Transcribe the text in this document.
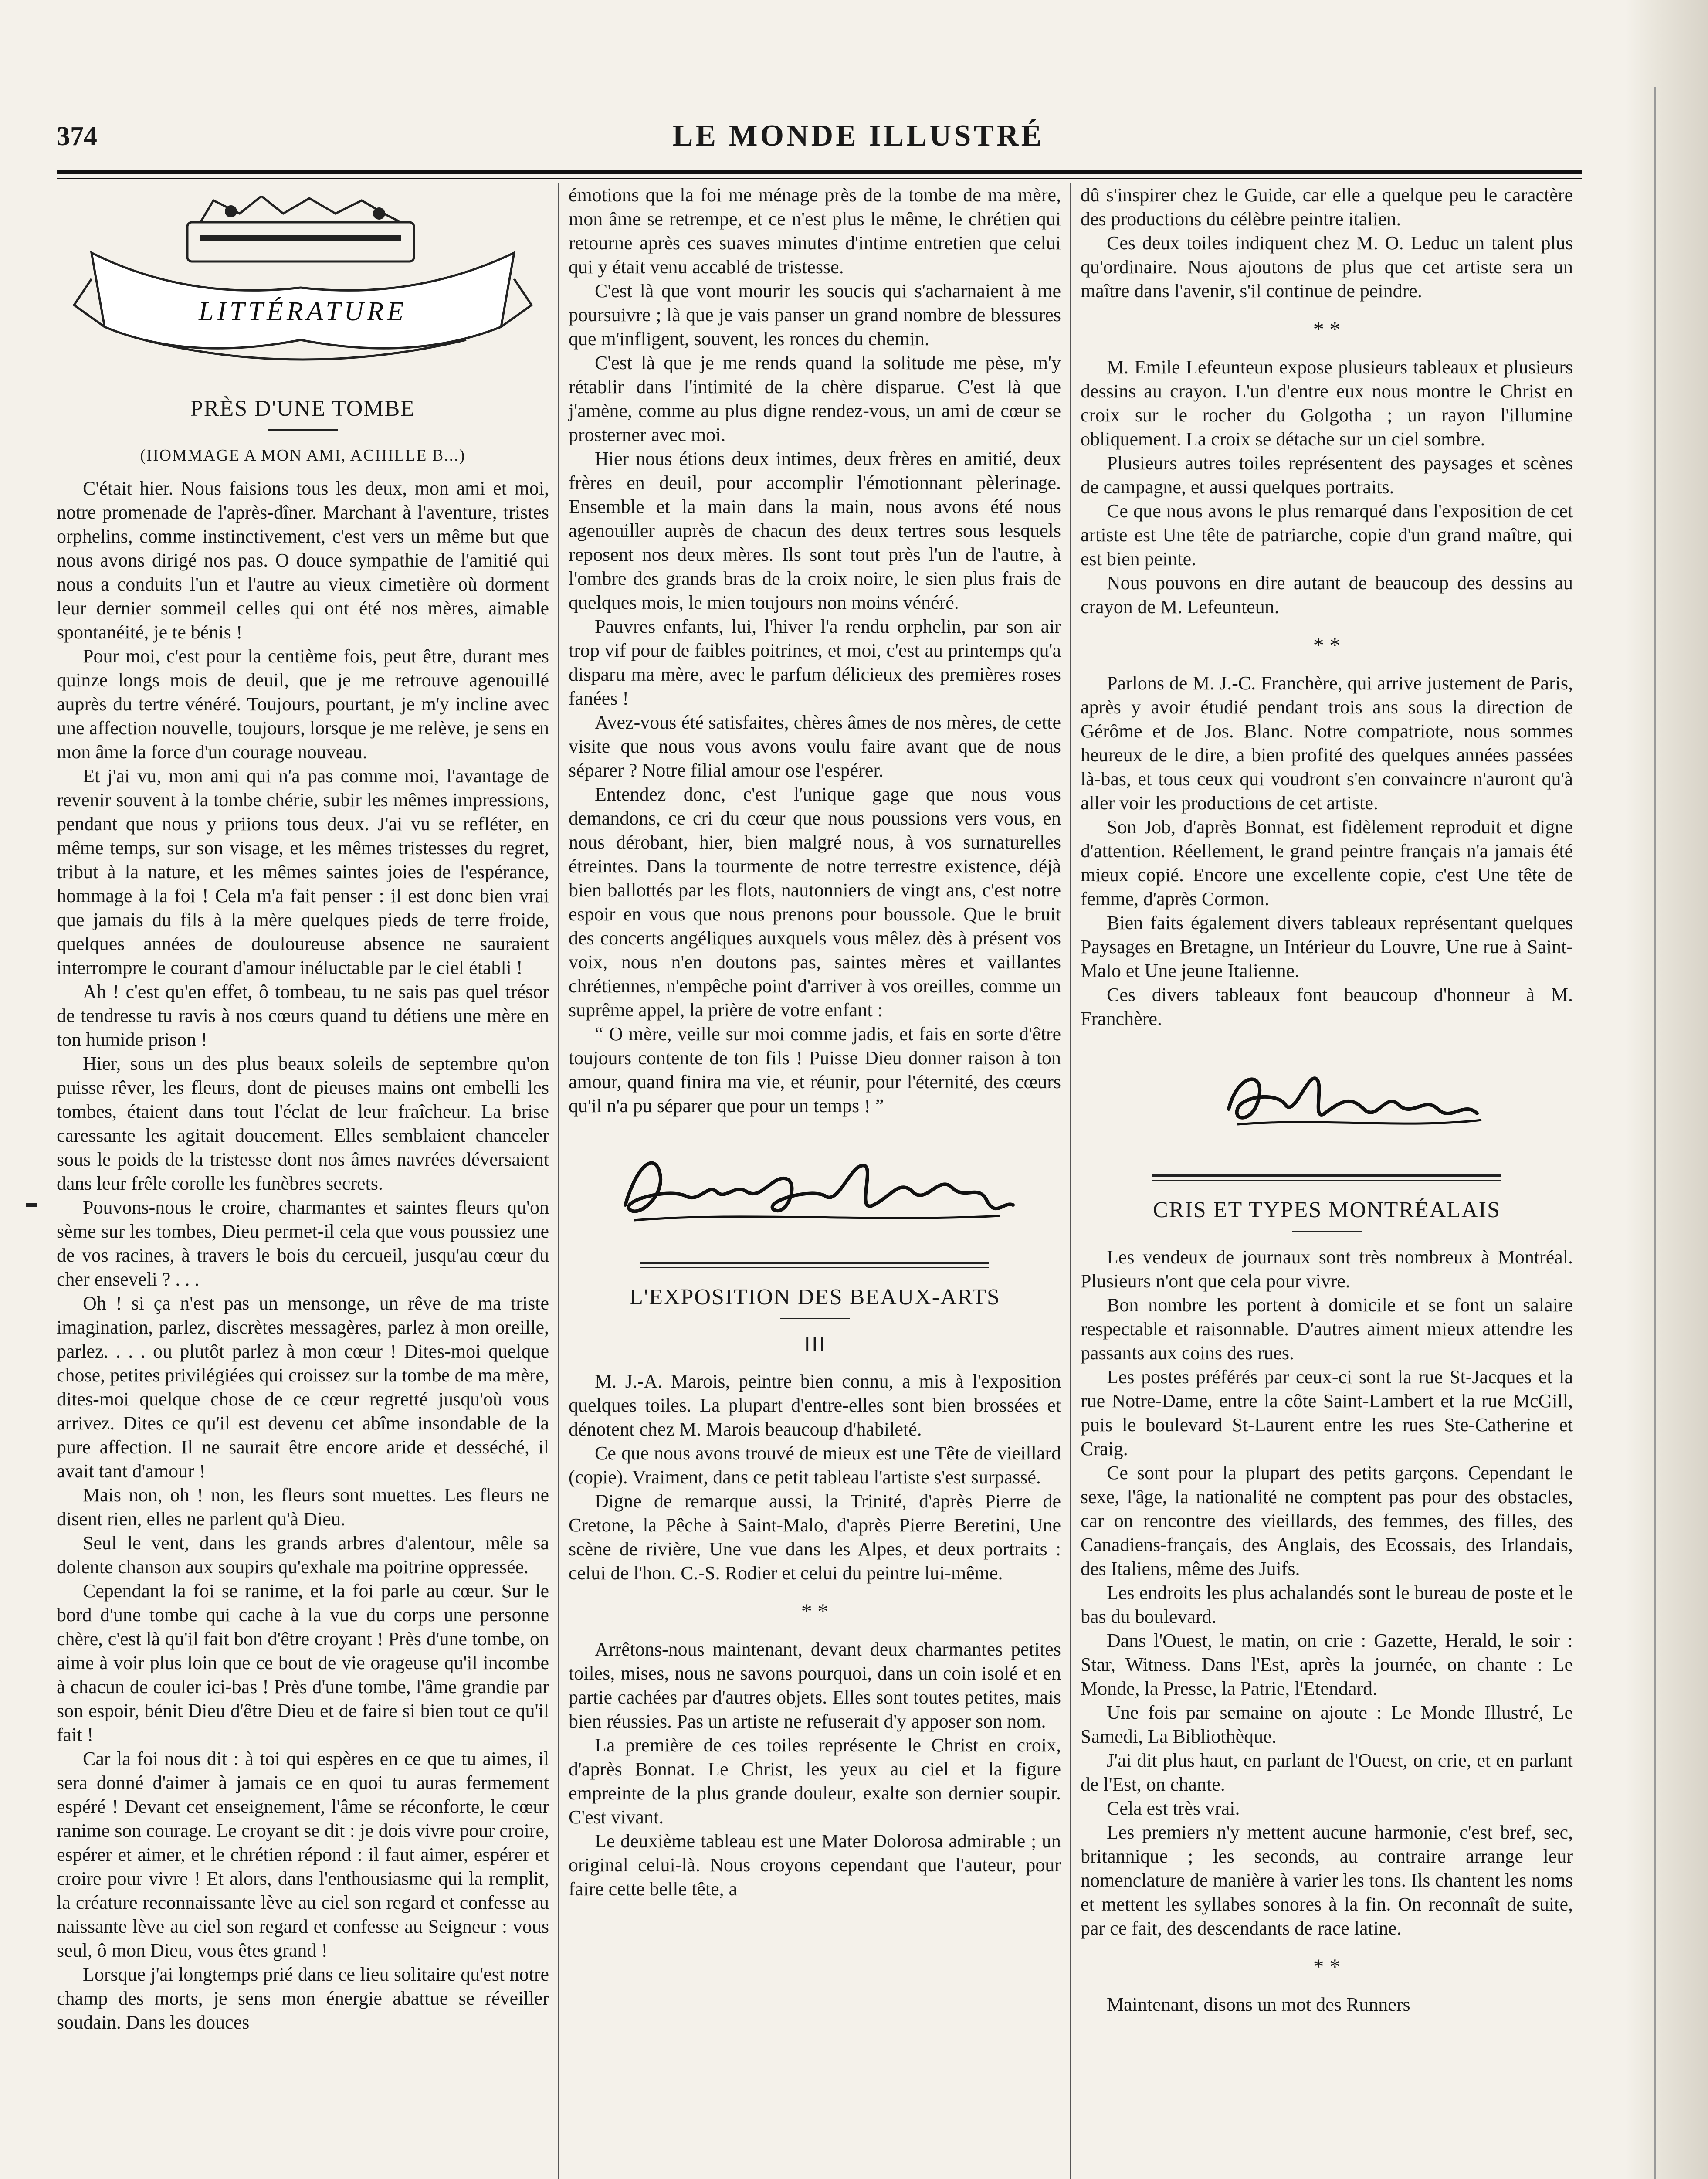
374	LE MONDE ILLUSTRÉ
LITTÉRATURE
PRÈS D'UNE TOMBE
(HOMMAGE A MON AMI, ACHILLE B...)

C'était hier. Nous faisions tous les deux, mon ami et moi, notre promenade de l'après-dîner. Marchant à l'aventure, tristes orphelins, comme instinctivement, c'est vers un même but que nous avons dirigé nos pas. O douce sympathie de l'amitié qui nous a conduits l'un et l'autre au vieux cimetière où dorment leur dernier sommeil celles qui ont été nos mères, aimable spontanéité, je te bénis !

Pour moi, c'est pour la centième fois, peut être, durant mes quinze longs mois de deuil, que je me retrouve agenouillé auprès du tertre vénéré. Toujours, pourtant, je m'y incline avec une affection nouvelle, toujours, lorsque je me relève, je sens en mon âme la force d'un courage nouveau.

Et j'ai vu, mon ami qui n'a pas comme moi, l'avantage de revenir souvent à la tombe chérie, subir les mêmes impressions, pendant que nous y priions tous deux. J'ai vu se refléter, en même temps, sur son visage, et les mêmes tristesses du regret, tribut à la nature, et les mêmes saintes joies de l'espérance, hommage à la foi ! Cela m'a fait penser : il est donc bien vrai que jamais du fils à la mère quelques pieds de terre froide, quelques années de douloureuse absence ne sauraient interrompre le courant d'amour inéluctable par le ciel établi !

Ah ! c'est qu'en effet, ô tombeau, tu ne sais pas quel trésor de tendresse tu ravis à nos cœurs quand tu détiens une mère en ton humide prison !

Hier, sous un des plus beaux soleils de septembre qu'on puisse rêver, les fleurs, dont de pieuses mains ont embelli les tombes, étaient dans tout l'éclat de leur fraîcheur. La brise caressante les agitait doucement. Elles semblaient chanceler sous le poids de la tristesse dont nos âmes navrées déversaient dans leur frêle corolle les funèbres secrets.

Pouvons-nous le croire, charmantes et saintes fleurs qu'on sème sur les tombes, Dieu permet-il cela que vous poussiez une de vos racines, à travers le bois du cercueil, jusqu'au cœur du cher enseveli ? . . .

Oh ! si ça n'est pas un mensonge, un rêve de ma triste imagination, parlez, discrètes messagères, parlez à mon oreille, parlez. . . . ou plutôt parlez à mon cœur ! Dites-moi quelque chose, petites privilégiées qui croissez sur la tombe de ma mère, dites-moi quelque chose de ce cœur regretté jusqu'où vous arrivez. Dites ce qu'il est devenu cet abîme insondable de la pure affection. Il ne saurait être encore aride et desséché, il avait tant d'amour !

Mais non, oh ! non, les fleurs sont muettes. Les fleurs ne disent rien, elles ne parlent qu'à Dieu.

Seul le vent, dans les grands arbres d'alentour, mêle sa dolente chanson aux soupirs qu'exhale ma poitrine oppressée.

Cependant la foi se ranime, et la foi parle au cœur. Sur le bord d'une tombe qui cache à la vue du corps une personne chère, c'est là qu'il fait bon d'être croyant ! Près d'une tombe, on aime à voir plus loin que ce bout de vie orageuse qu'il incombe à chacun de couler ici-bas ! Près d'une tombe, l'âme grandie par son espoir, bénit Dieu d'être Dieu et de faire si bien tout ce qu'il fait !

Car la foi nous dit : à toi qui espères en ce que tu aimes, il sera donné d'aimer à jamais ce en quoi tu auras fermement espéré ! Devant cet enseignement, l'âme se réconforte, le cœur ranime son courage. Le croyant se dit : je dois vivre pour croire, espérer et aimer, et le chrétien répond : il faut aimer, espérer et croire pour vivre ! Et alors, dans l'enthousiasme qui la remplit, la créature reconnaissante lève au ciel son regard et confesse au naissante lève au ciel son regard et confesse au Seigneur : vous seul, ô mon Dieu, vous êtes grand !

Lorsque j'ai longtemps prié dans ce lieu solitaire qu'est notre champ des morts, je sens mon énergie abattue se réveiller soudain. Dans les douces

émotions que la foi me ménage près de la tombe de ma mère, mon âme se retrempe, et ce n'est plus le même, le chrétien qui retourne après ces suaves minutes d'intime entretien que celui qui y était venu accablé de tristesse.

C'est là que vont mourir les soucis qui s'acharnaient à me poursuivre ; là que je vais panser un grand nombre de blessures que m'infligent, souvent, les ronces du chemin.

C'est là que je me rends quand la solitude me pèse, m'y rétablir dans l'intimité de la chère disparue. C'est là que j'amène, comme au plus digne rendez-vous, un ami de cœur se prosterner avec moi.

Hier nous étions deux intimes, deux frères en amitié, deux frères en deuil, pour accomplir l'émotionnant pèlerinage. Ensemble et la main dans la main, nous avons été nous agenouiller auprès de chacun des deux tertres sous lesquels reposent nos deux mères. Ils sont tout près l'un de l'autre, à l'ombre des grands bras de la croix noire, le sien plus frais de quelques mois, le mien toujours non moins vénéré.

Pauvres enfants, lui, l'hiver l'a rendu orphelin, par son air trop vif pour de faibles poitrines, et moi, c'est au printemps qu'a disparu ma mère, avec le parfum délicieux des premières roses fanées !

Avez-vous été satisfaites, chères âmes de nos mères, de cette visite que nous vous avons voulu faire avant que de nous séparer ? Notre filial amour ose l'espérer.

Entendez donc, c'est l'unique gage que nous vous demandons, ce cri du cœur que nous poussions vers vous, en nous dérobant, hier, bien malgré nous, à vos surnaturelles étreintes. Dans la tourmente de notre terrestre existence, déjà bien ballottés par les flots, nautonniers de vingt ans, c'est notre espoir en vous que nous prenons pour boussole. Que le bruit des concerts angéliques auxquels vous mêlez dès à présent vos voix, nous n'en doutons pas, saintes mères et vaillantes chrétiennes, n'empêche point d'arriver à vos oreilles, comme un suprême appel, la prière de votre enfant :

“ O mère, veille sur moi comme jadis, et fais en sorte d'être toujours contente de ton fils ! Puisse Dieu donner raison à ton amour, quand finira ma vie, et réunir, pour l'éternité, des cœurs qu'il n'a pu séparer que pour un temps ! ”

L'EXPOSITION DES BEAUX-ARTS
III

M. J.-A. Marois, peintre bien connu, a mis à l'exposition quelques toiles. La plupart d'entre-elles sont bien brossées et dénotent chez M. Marois beaucoup d'habileté.

Ce que nous avons trouvé de mieux est une Tête de vieillard (copie). Vraiment, dans ce petit tableau l'artiste s'est surpassé.

Digne de remarque aussi, la Trinité, d'après Pierre de Cretone, la Pêche à Saint-Malo, d'après Pierre Beretini, Une scène de rivière, Une vue dans les Alpes, et deux portraits : celui de l'hon. C.-S. Rodier et celui du peintre lui-même.

* *

Arrêtons-nous maintenant, devant deux charmantes petites toiles, mises, nous ne savons pourquoi, dans un coin isolé et en partie cachées par d'autres objets. Elles sont toutes petites, mais bien réussies. Pas un artiste ne refuserait d'y apposer son nom.

La première de ces toiles représente le Christ en croix, d'après Bonnat. Le Christ, les yeux au ciel et la figure empreinte de la plus grande douleur, exalte son dernier soupir. C'est vivant.

Le deuxième tableau est une Mater Dolorosa admirable ; un original celui-là. Nous croyons cependant que l'auteur, pour faire cette belle tête, a

dû s'inspirer chez le Guide, car elle a quelque peu le caractère des productions du célèbre peintre italien.

Ces deux toiles indiquent chez M. O. Leduc un talent plus qu'ordinaire. Nous ajoutons de plus que cet artiste sera un maître dans l'avenir, s'il continue de peindre.

* *

M. Emile Lefeunteun expose plusieurs tableaux et plusieurs dessins au crayon. L'un d'entre eux nous montre le Christ en croix sur le rocher du Golgotha ; un rayon l'illumine obliquement. La croix se détache sur un ciel sombre.

Plusieurs autres toiles représentent des paysages et scènes de campagne, et aussi quelques portraits.

Ce que nous avons le plus remarqué dans l'exposition de cet artiste est Une tête de patriarche, copie d'un grand maître, qui est bien peinte.

Nous pouvons en dire autant de beaucoup des dessins au crayon de M. Lefeunteun.

* *

Parlons de M. J.-C. Franchère, qui arrive justement de Paris, après y avoir étudié pendant trois ans sous la direction de Gérôme et de Jos. Blanc. Notre compatriote, nous sommes heureux de le dire, a bien profité des quelques années passées là-bas, et tous ceux qui voudront s'en convaincre n'auront qu'à aller voir les productions de cet artiste.

Son Job, d'après Bonnat, est fidèlement reproduit et digne d'attention. Réellement, le grand peintre français n'a jamais été mieux copié. Encore une excellente copie, c'est Une tête de femme, d'après Cormon.

Bien faits également divers tableaux représentant quelques Paysages en Bretagne, un Intérieur du Louvre, Une rue à Saint-Malo et Une jeune Italienne.

Ces divers tableaux font beaucoup d'honneur à M. Franchère.

CRIS ET TYPES MONTRÉALAIS

Les vendeux de journaux sont très nombreux à Montréal. Plusieurs n'ont que cela pour vivre.

Bon nombre les portent à domicile et se font un salaire respectable et raisonnable. D'autres aiment mieux attendre les passants aux coins des rues.

Les postes préférés par ceux-ci sont la rue St-Jacques et la rue Notre-Dame, entre la côte Saint-Lambert et la rue McGill, puis le boulevard St-Laurent entre les rues Ste-Catherine et Craig.

Ce sont pour la plupart des petits garçons. Cependant le sexe, l'âge, la nationalité ne comptent pas pour des obstacles, car on rencontre des vieillards, des femmes, des filles, des Canadiens-français, des Anglais, des Ecossais, des Irlandais, des Italiens, même des Juifs.

Les endroits les plus achalandés sont le bureau de poste et le bas du boulevard.

Dans l'Ouest, le matin, on crie : Gazette, Herald, le soir : Star, Witness. Dans l'Est, après la journée, on chante : Le Monde, la Presse, la Patrie, l'Etendard.

Une fois par semaine on ajoute : Le Monde Illustré, Le Samedi, La Bibliothèque.

J'ai dit plus haut, en parlant de l'Ouest, on crie, et en parlant de l'Est, on chante.

Cela est très vrai.

Les premiers n'y mettent aucune harmonie, c'est bref, sec, britannique ; les seconds, au contraire arrange leur nomenclature de manière à varier les tons. Ils chantent les noms et mettent les syllabes sonores à la fin. On reconnaît de suite, par ce fait, des descendants de race latine.

* *

Maintenant, disons un mot des Runners
